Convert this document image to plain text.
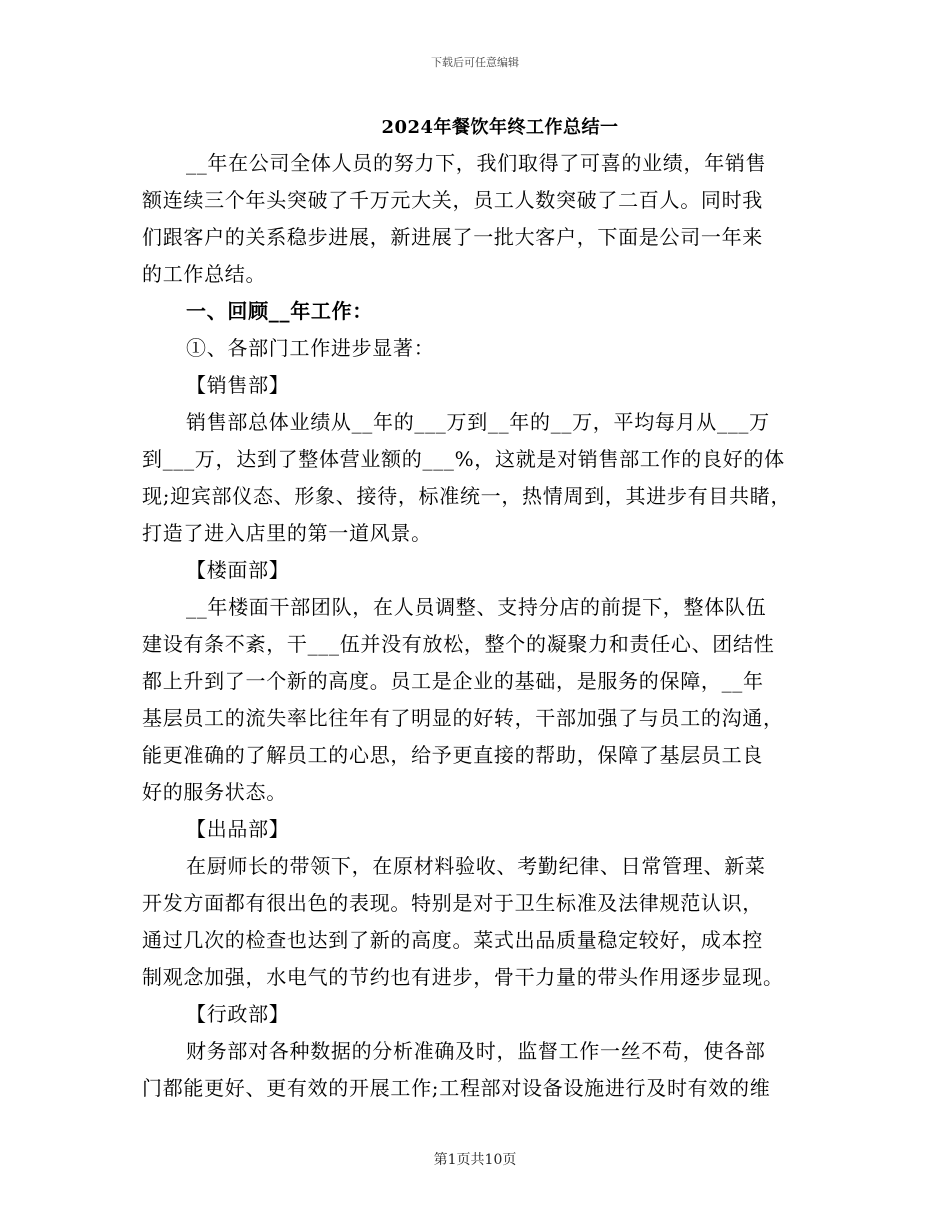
下载后可任意编辑
2024年餐饮年终工作总结一
__年在公司全体人员的努力下，我们取得了可喜的业绩，年销售
额连续三个年头突破了千万元大关，员工人数突破了二百人。同时我
们跟客户的关系稳步进展，新进展了一批大客户，下面是公司一年来
的工作总结。
一、回顾__年工作：
①、各部门工作进步显著：
【销售部】
销售部总体业绩从__年的___万到__年的__万，平均每月从___万
到___万，达到了整体营业额的___%，这就是对销售部工作的良好的体
现;迎宾部仪态、形象、接待，标准统一，热情周到，其进步有目共睹，
打造了进入店里的第一道风景。
【楼面部】
__年楼面干部团队，在人员调整、支持分店的前提下，整体队伍
建设有条不紊，干___伍并没有放松，整个的凝聚力和责任心、团结性
都上升到了一个新的高度。员工是企业的基础，是服务的保障，__年
基层员工的流失率比往年有了明显的好转，干部加强了与员工的沟通，
能更准确的了解员工的心思，给予更直接的帮助，保障了基层员工良
好的服务状态。
【出品部】
在厨师长的带领下，在原材料验收、考勤纪律、日常管理、新菜
开发方面都有很出色的表现。特别是对于卫生标准及法律规范认识，
通过几次的检查也达到了新的高度。菜式出品质量稳定较好，成本控
制观念加强，水电气的节约也有进步，骨干力量的带头作用逐步显现。
【行政部】
财务部对各种数据的分析准确及时，监督工作一丝不苟，使各部
门都能更好、更有效的开展工作;工程部对设备设施进行及时有效的维
第1页共10页
